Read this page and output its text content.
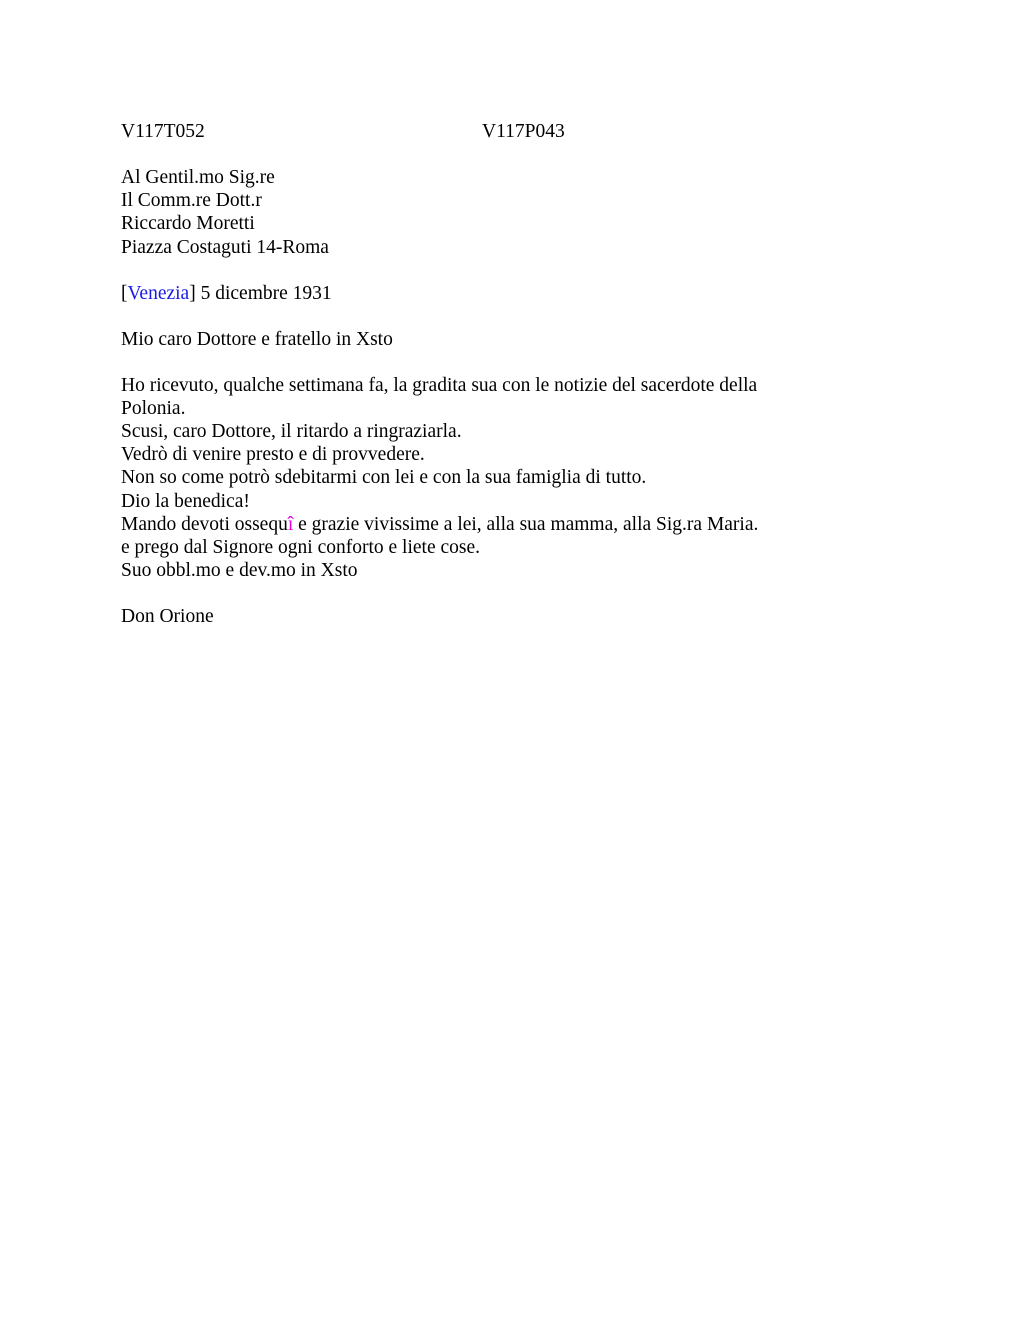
V117T052	V117P043
Al Gentil.mo Sig.re
Il Comm.re Dott.r
Riccardo Moretti
Piazza Costaguti 14-Roma
[Venezia] 5 dicembre 1931
Mio caro Dottore e fratello in Xsto
Ho ricevuto, qualche settimana fa, la gradita sua con le notizie del sacerdote della
Polonia.
Scusi, caro Dottore, il ritardo a ringraziarla.
Vedrò di venire presto e di provvedere.
Non so come potrò sdebitarmi con lei e con la sua famiglia di tutto.
Dio la benedica!
Mando devoti ossequî e grazie vivissime a lei, alla sua mamma, alla Sig.ra Maria.
e prego dal Signore ogni conforto e liete cose.
Suo obbl.mo e dev.mo in Xsto
Don Orione
